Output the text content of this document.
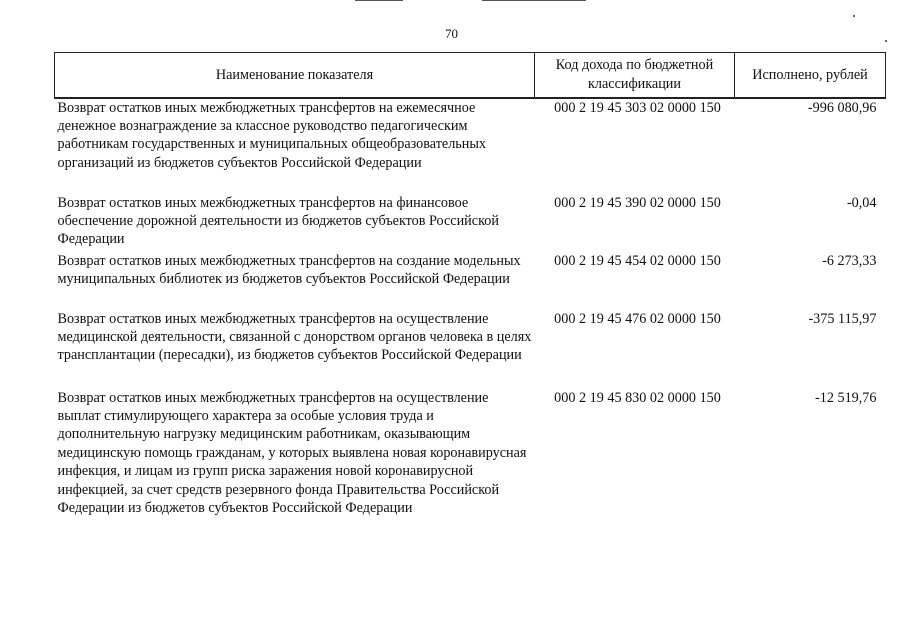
70
Наименование показателя	Код дохода по бюджетной классификации	Исполнено, рублей
Возврат остатков иных межбюджетных трансфертов на ежемесячное денежное вознаграждение за классное руководство педагогическим работникам государственных и муниципальных общеобразовательных организаций из бюджетов субъектов Российской Федерации	000 2 19 45 303 02 0000 150	-996 080,96
Возврат остатков иных межбюджетных трансфертов на финансовое обеспечение дорожной деятельности из бюджетов субъектов Российской Федерации	000 2 19 45 390 02 0000 150	-0,04
Возврат остатков иных межбюджетных трансфертов на создание модельных муниципальных библиотек из бюджетов субъектов Российской Федерации	000 2 19 45 454 02 0000 150	-6 273,33
Возврат остатков иных межбюджетных трансфертов на осуществление медицинской деятельности, связанной с донорством органов человека в целях трансплантации (пересадки), из бюджетов субъектов Российской Федерации	000 2 19 45 476 02 0000 150	-375 115,97
Возврат остатков иных межбюджетных трансфертов на осуществление выплат стимулирующего характера за особые условия труда и дополнительную нагрузку медицинским работникам, оказывающим медицинскую помощь гражданам, у которых выявлена новая коронавирусная инфекция, и лицам из групп риска заражения новой коронавирусной инфекцией, за счет средств резервного фонда Правительства Российской Федерации из бюджетов субъектов Российской Федерации	000 2 19 45 830 02 0000 150	-12 519,76
